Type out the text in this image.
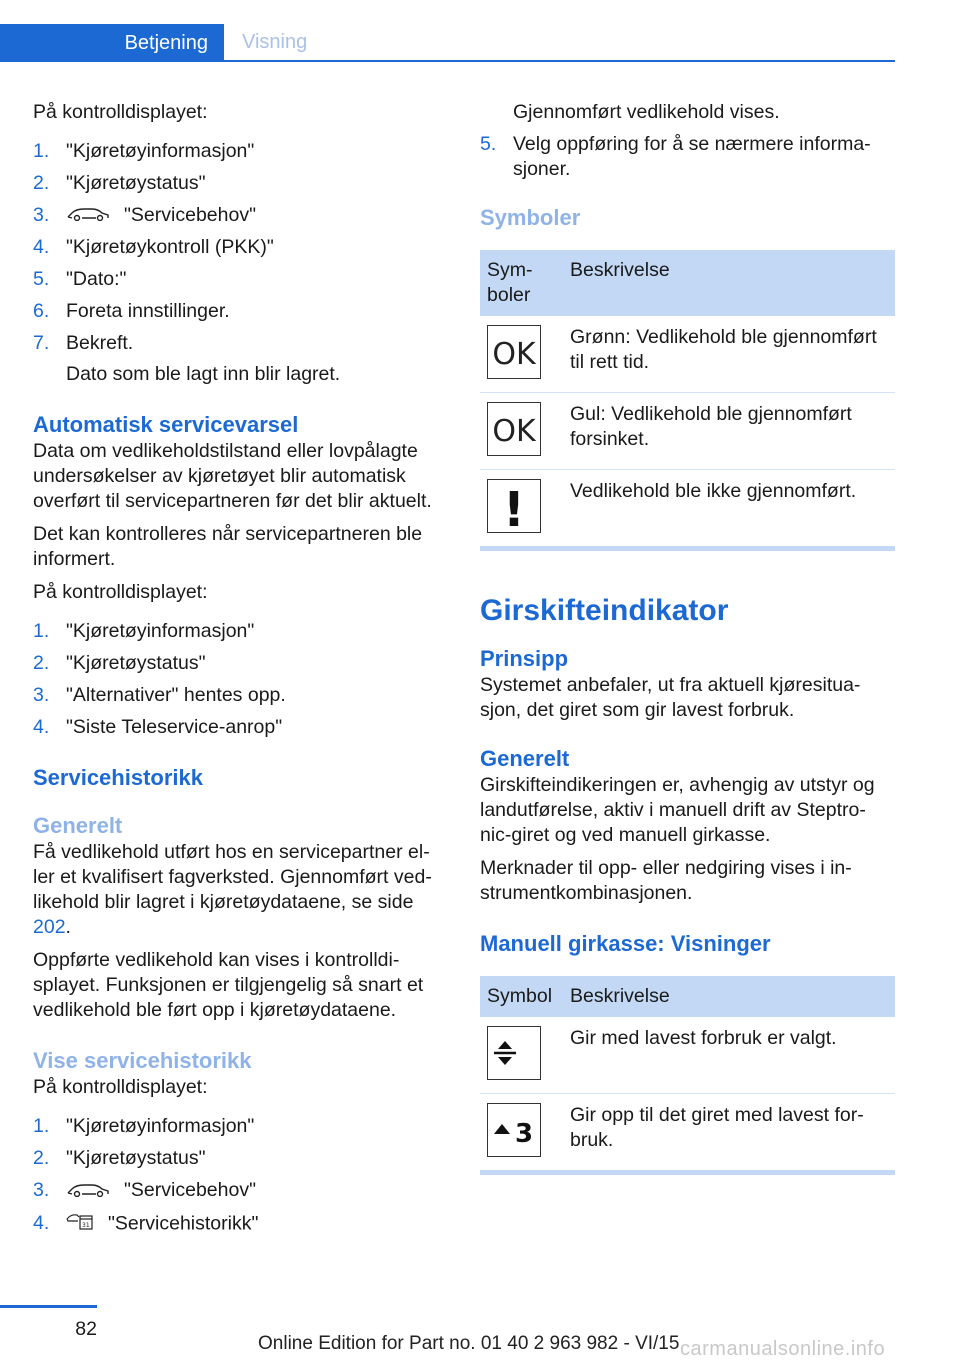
Betjening Visning

På kontrolldisplayet:

1. "Kjøretøyinformasjon"
2. "Kjøretøystatus"
3.	"Servicebehov"
4. "Kjøretøykontroll (PKK)"
5. "Dato:"
6. Foreta innstillinger.
7. Bekreft.

Dato som ble lagt inn blir lagret.

Automatisk servicevarsel

Data om vedlikeholdstilstand eller lovpålagte undersøkelser av kjøretøyet blir automatisk overført til servicepartneren før det blir aktuelt.

Det kan kontrolleres når servicepartneren ble informert.

På kontrolldisplayet:

1. "Kjøretøyinformasjon"
2. "Kjøretøystatus"
3. "Alternativer" hentes opp.
4. "Siste Teleservice-anrop"
Servicehistorikk
Generelt

Få vedlikehold utført hos en servicepartner el‐ler et kvalifisert fagverksted. Gjennomført ved‐likehold blir lagret i kjøretøydataene, se side 202.

Oppførte vedlikehold kan vises i kontrolldi‐splayet. Funksjonen er tilgjengelig så snart et vedlikehold ble ført opp i kjøretøydataene.

Vise servicehistorikk

På kontrolldisplayet:

1. "Kjøretøyinformasjon"
2. "Kjøretøystatus"
3.	"Servicebehov"
4.	31 "Servicehistorikk"

Gjennomført vedlikehold vises.

5. Velg oppføring for å se nærmere informa‐sjoner.
Symboler
Sym‐boler	Beskrivelse

OK	Grønn: Vedlikehold ble gjennomført til rett tid.

OK	Gul: Vedlikehold ble gjennomført forsinket.

!	Vedlikehold ble ikke gjennomført.
Girskifteindikator
Prinsipp

Systemet anbefaler, ut fra aktuell kjøresitua‐sjon, det giret som gir lavest forbruk.

Generelt

Girskifteindikeringen er, avhengig av utstyr og landutførelse, aktiv i manuell drift av Steptro‐nic-giret og ved manuell girkasse.

Merknader til opp- eller nedgiring vises i in‐strumentkombinasjonen.

Manuell girkasse: Visninger
Symbol	Beskrivelse

	Gir med lavest forbruk er valgt.

3	Gir opp til det giret med lavest for‐bruk.
82
Online Edition for Part no. 01 40 2 963 982 - VI/15 carmanualsonline.info
